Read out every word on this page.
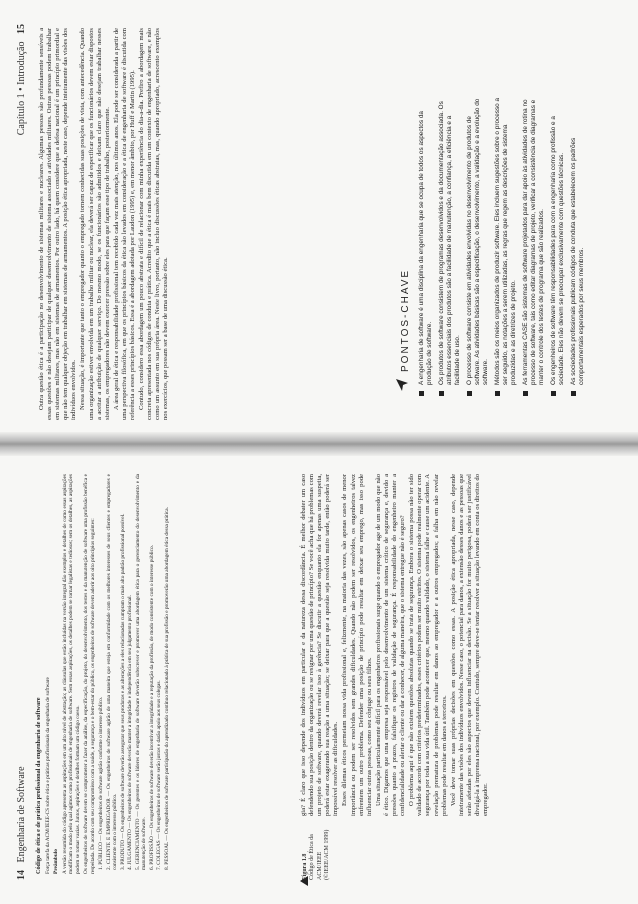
14   Engenharia de Software Código de ética e de prática profissional da engenharia de software Força tarefa da ACM/IEEE-CS sobre ética e práticas profissionais da engenharia de software Preâmbulo A versão resumida do código apresenta as aspirações em um alto nível de abstração; as cláusulas que estão incluídas na versão integral dão exemplos e detalhes de como essas aspirações modificam o modo pelo qual agimos como profissionais de engenharia de software. Sem essas aspirações, os detalhes podem se tornar legalistas e tediosos; sem os detalhes, as aspirações podem se tornar vazias. Juntos, aspirações e detalhes formam um código coeso. Os engenheiros de software devem se comprometer a fazer da análise, da especificação, do projeto, do desenvolvimento, dos testes e da manutenção de software uma profissão benéfica e respeitada. De acordo com seu compromisso com a saúde, a segurança e o bem-estar do público, os engenheiros de software devem aderir aos oito princípios seguintes: 1. PÚBLICO — Os engenheiros de software agirão conforme o interesse público. 2. CLIENTE E EMPREGADOR — Os engenheiros de software agirão de uma maneira que esteja em conformidade com os melhores interesses de seus clientes e empregadores e consistente com o interesse público. 3. PRODUTO — Os engenheiros de software deverão assegurar que seus produtos e as alterações a eles relacionadas cumpram o mais alto padrão profissional possível. 4. JULGAMENTO — Os engenheiros de software deverão manter a integridade e independência em seu julgamento profissional. 5. GERENCIAMENTO — Os gerentes e os líderes de engenharia de software deverão subscrever e promover uma abordagem ética para o gerenciamento do desenvolvimento e da manutenção de software. 6. PROFISSÃO — Os engenheiros de software deverão incentivar a integridade e a reputação da profissão, de modo consistente com o interesse público. 7. COLEGAS — Os engenheiros de software serão justos e darão apoio aos seus colegas. 8. PESSOAL — Os engenheiros de software participarão do aprendizado contínuo relacionado à prática de sua profissão e promoverão uma abordagem ética dessa prática.	Figura 1.8 Código de Ética da ACM/IEEE (©IEEE/ACM 1999)

gia? É claro que isso depende dos indivíduos em particular e da natureza dessa discordância. É melhor debater um caso defendendo sua posição dentro da organização ou se resignar por uma questão de princípio? Se você acha que há problemas com um projeto de software, quando deverá revelar isso à gerência? Se discutir a questão enquanto ela for apenas uma suspeita, poderá estar exagerando sua reação a uma situação; se deixar para que a questão seja resolvida muito tarde, então poderá ser impossível resolver as dificuldades. Esses dilemas éticos permeiam nossa vida profissional e, felizmente, na maioria das vezes, são apenas casos de menor importância ou podem ser resolvidos sem grandes dificuldades. Quando não podem ser resolvidos, os engenheiros talvez enfrentem um outro problema. Defender uma posição de princípio pode resultar em deixar seu emprego, mas isso pode influenciar outras pessoas, como seu cônjuge ou seus filhos. Uma situação particularmente difícil para os engenheiros profissionais surge quando o empregador age de um modo que não é ético. Digamos que uma empresa seja responsável pelo desenvolvimento de um sistema crítico de segurança e, devido a pressões quanto a prazos, falsifique os registros de validação de segurança. É responsabilidade do engenheiro manter a confidencialidade ou alertar o cliente ou dar a conhecer, de alguma maneira, que o sistema entregue não é seguro? O problema aqui é que não existem questões absolutas quando se trata de segurança. Embora o sistema possa não ter sido validado de acordo com critérios predeterminados, esses critérios podem ser muito estritos. O sistema pode realmente operar com segurança por toda a sua vida útil. Também pode acontecer que, mesmo quando validado, o sistema falhe e cause um acidente. A revelação prematura de problemas pode resultar em danos ao empregador e a outros empregados; a falha em não revelar problemas pode resultar em danos a terceiros. Você deve tomar suas próprias decisões em questões como essas. A posição ética apropriada, nesse caso, depende inteiramente das visões dos indivíduos envolvidos. Nesse caso, o potencial para danos, a extensão desses danos e as pessoas que serão afetadas por eles são aspectos que devem influenciar na decisão. Se a situação for muito perigosa, poderá ser justificável divulgá-la à imprensa nacional, por exemplo. Contudo, sempre deve-se tentar resolver a situação levando em conta os direitos do empregador.

Capítulo 1 • Introdução   15 Outra questão ética é a participação no desenvolvimento de sistemas militares e nucleares. Algumas pessoas são profundamente sensíveis a essas questões e não desejam participar de qualquer desenvolvimento de sistema associado a atividades militares. Outras pessoas podem trabalhar em sistemas militares, mas não em sistemas de armamentos. Por outro lado, há quem considere que a defesa nacional é um princípio primordial e que não tem qualquer objeção em trabalhar em sistemas de armamentos. A posição ética apropriada, neste caso, depende inteiramente das visões dos indivíduos envolvidos. Nessa situação, é importante que tanto o empregador quanto o empregado tornem conhecidas suas posições de vista, com antecedência. Quando uma organização estiver envolvida em um trabalho militar ou nuclear, ela deverá ser capaz de especificar que os funcionários devem estar dispostos a aceitar a atribuição de qualquer serviço. Do mesmo modo, se os funcionários são admitidos e deixam claro que não desejam trabalhar nesses sistemas, os empregadores não devem exercer pressão sobre eles para que façam esse tipo de trabalho, posteriormente. A área geral de ética e responsabilidade profissional tem recebido cada vez mais atenção, nos últimos anos. Ela pode ser considerada a partir de uma perspectiva filosófica, em que os princípios básicos da ética são levados em consideração e a ética de engenharia de software é discutida com referência a esses princípios básicos. Essa é a abordagem adotada por Laudon (1995) e, em menor âmbito, por Huff e Martin (1995). Contudo, considero essa abordagem um pouco abstrata e difícil de relacionar com minha experiência do dia-a-dia. Prefiro a abordagem mais concreta apresentada nos códigos de conduta e prática. Acredito que a ética é mais bem discutida em um contexto de engenharia de software, e não como um assunto em sua própria área. Neste livro, portanto, não incluo discussões éticas abstratas, mas, quando apropriado, acrescento exemplos nos exercícios, que possam ser a base de uma discussão ética.	PONTOS-CHAVE A engenharia de software é uma disciplina da engenharia que se ocupa de todos os aspectos da produção de software. Os produtos de software consistem de programas desenvolvidos e da documentação associada. Os atributos essenciais dos produtos são a facilidade de manutenção, a confiança, a eficiência e a facilidade de uso. O processo de software consiste em atividades envolvidas no desenvolvimento de produtos de software. As atividades básicas são a especificação, o desenvolvimento, a validação e a evolução do software. Métodos são os meios organizados de produzir software. Eles incluem sugestões sobre o processo a ser seguido, as notações a serem utilizadas, as regras que regem as descrições de sistema produzidas e as diretrizes de projeto. As ferramentas CASE são sistemas de software projetados para dar apoio às atividades de rotina no processo de software, tais como editar diagramas de projeto, verificar a consistência de diagramas e manter o controle dos testes de programa que são realizados. Os engenheiros de software têm responsabilidades para com a engenharia como profissão e a sociedade. Eles não devem se preocupar exclusivamente com questões técnicas. As sociedades profissionais publicam códigos de conduta que estabelecem os padrões comportamentais esperados por seus membros.
